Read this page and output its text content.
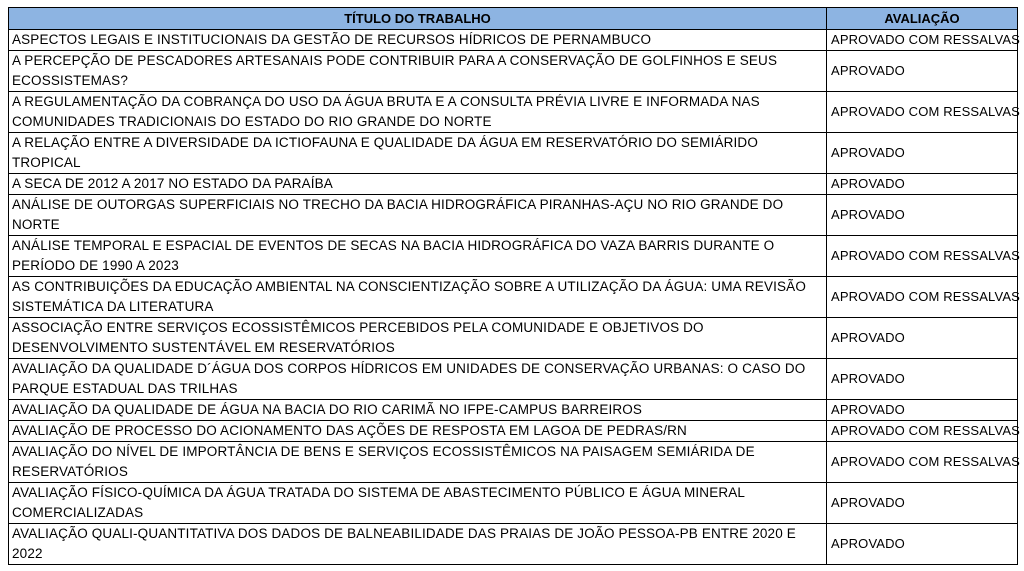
TÍTULO DO TRABALHO	AVALIAÇÃO
ASPECTOS LEGAIS E INSTITUCIONAIS DA GESTÃO DE RECURSOS HÍDRICOS DE PERNAMBUCO	APROVADO COM RESSALVAS
A PERCEPÇÃO DE PESCADORES ARTESANAIS PODE CONTRIBUIR PARA A CONSERVAÇÃO DE GOLFINHOS E SEUS ECOSSISTEMAS?	APROVADO
A REGULAMENTAÇÃO DA COBRANÇA DO USO DA ÁGUA BRUTA E A CONSULTA PRÉVIA LIVRE E INFORMADA NAS COMUNIDADES TRADICIONAIS DO ESTADO DO RIO GRANDE DO NORTE	APROVADO COM RESSALVAS
A RELAÇÃO ENTRE A DIVERSIDADE DA ICTIOFAUNA E QUALIDADE DA ÁGUA EM RESERVATÓRIO DO SEMIÁRIDO TROPICAL	APROVADO
A SECA DE 2012 A 2017 NO ESTADO DA PARAÍBA	APROVADO
ANÁLISE DE OUTORGAS SUPERFICIAIS NO TRECHO DA BACIA HIDROGRÁFICA PIRANHAS-AÇU NO RIO GRANDE DO NORTE	APROVADO
ANÁLISE TEMPORAL E ESPACIAL DE EVENTOS DE SECAS NA BACIA HIDROGRÁFICA DO VAZA BARRIS DURANTE O PERÍODO DE 1990 A 2023	APROVADO COM RESSALVAS
AS CONTRIBUIÇÕES DA EDUCAÇÃO AMBIENTAL NA CONSCIENTIZAÇÃO SOBRE A UTILIZAÇÃO DA ÁGUA: UMA REVISÃO SISTEMÁTICA DA LITERATURA	APROVADO COM RESSALVAS
ASSOCIAÇÃO ENTRE SERVIÇOS ECOSSISTÊMICOS PERCEBIDOS PELA COMUNIDADE E OBJETIVOS DO DESENVOLVIMENTO SUSTENTÁVEL EM RESERVATÓRIOS	APROVADO
AVALIAÇÃO DA QUALIDADE D´ÁGUA DOS CORPOS HÍDRICOS EM UNIDADES DE CONSERVAÇÃO URBANAS: O CASO DO PARQUE ESTADUAL DAS TRILHAS	APROVADO
AVALIAÇÃO DA QUALIDADE DE ÁGUA NA BACIA DO RIO CARIMÃ NO IFPE-CAMPUS BARREIROS	APROVADO
AVALIAÇÃO DE PROCESSO DO ACIONAMENTO DAS AÇÕES DE RESPOSTA EM LAGOA DE PEDRAS/RN	APROVADO COM RESSALVAS
AVALIAÇÃO DO NÍVEL DE IMPORTÂNCIA DE BENS E SERVIÇOS ECOSSISTÊMICOS NA PAISAGEM SEMIÁRIDA DE RESERVATÓRIOS	APROVADO COM RESSALVAS
AVALIAÇÃO FÍSICO-QUÍMICA DA ÁGUA TRATADA DO SISTEMA DE ABASTECIMENTO PÚBLICO E ÁGUA MINERAL COMERCIALIZADAS	APROVADO
AVALIAÇÃO QUALI-QUANTITATIVA DOS DADOS DE BALNEABILIDADE DAS PRAIAS DE JOÃO PESSOA-PB ENTRE 2020 E 2022	APROVADO
